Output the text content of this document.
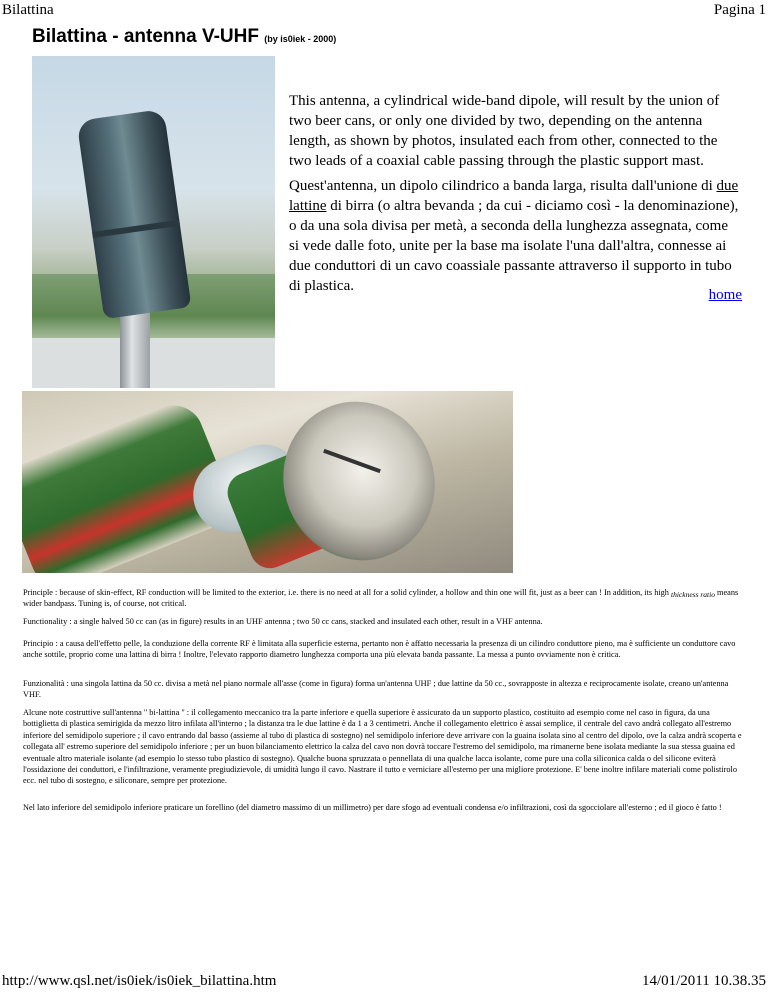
Bilattina	Pagina 1
Bilattina - antenna V-UHF (by is0iek - 2000)
This antenna, a cylindrical wide-band dipole, will result by the union of two beer cans, or only one divided by two, depending on the antenna length, as shown by photos, insulated each from other, connected to the two leads of a coaxial cable passing through the plastic support mast.
Quest'antenna, un dipolo cilindrico a banda larga, risulta dall'unione di due lattine di birra (o altra bevanda ; da cui - diciamo così - la denominazione), o da una sola divisa per metà, a seconda della lunghezza assegnata, come si vede dalle foto, unite per la base ma isolate l'una dall'altra, connesse ai due conduttori di un cavo coassiale passante attraverso il supporto in tubo di plastica.
home

Principle : because of skin-effect, RF conduction will be limited to the exterior, i.e. there is no need at all for a solid cylinder, a hollow and thin one will fit, just as a beer can ! In addition, its high thickness ratio means wider bandpass. Tuning is, of course, not critical.

Functionality : a single halved 50 cc can (as in figure) results in an UHF antenna ; two 50 cc cans, stacked and insulated each other, result in a VHF antenna.

Principio : a causa dell'effetto pelle, la conduzione della corrente RF è limitata alla superficie esterna, pertanto non è affatto necessaria la presenza di un cilindro conduttore pieno, ma è sufficiente un conduttore cavo anche sottile, proprio come una lattina di birra ! Inoltre, l'elevato rapporto diametro lunghezza comporta una più elevata banda passante. La messa a punto ovviamente non è critica.

Funzionalità : una singola lattina da 50 cc. divisa a metà nel piano normale all'asse (come in figura) forma un'antenna UHF ; due lattine da 50 cc., sovrapposte in altezza e reciprocamente isolate, creano un'antenna VHF.

Alcune note costruttive sull'antenna " bi-lattina " : il collegamento meccanico tra la parte inferiore e quella superiore è assicurato da un supporto plastico, costituito ad esempio come nel caso in figura, da una bottiglietta di plastica semirigida da mezzo litro infilata all'interno ; la distanza tra le due lattine è da 1 a 3 centimetri. Anche il collegamento elettrico è assai semplice, il centrale del cavo andrà collegato all'estremo inferiore del semidipolo superiore ; il cavo entrando dal basso (assieme al tubo di plastica di sostegno) nel semidipolo inferiore deve arrivare con la guaina isolata sino al centro del dipolo, ove la calza andrà scoperta e collegata all' estremo superiore del semidipolo inferiore ; per un buon bilanciamento elettrico la calza del cavo non dovrà toccare l'estremo del semidipolo, ma rimanerne bene isolata mediante la sua stessa guaina ed eventuale altro materiale isolante (ad esempio lo stesso tubo plastico di sostegno). Qualche buona spruzzata o pennellata di una qualche lacca isolante, come pure una colla siliconica calda o del silicone eviterà l'ossidazione dei conduttori, e l'infiltrazione, veramente pregiudizievole, di umidità lungo il cavo. Nastrare il tutto e verniciare all'esterno per una migliore protezione. E' bene inoltre infilare materiali come polistirolo ecc. nel tubo di sostegno, e siliconare, sempre per protezione.

Nel lato inferiore del semidipolo inferiore praticare un forellino (del diametro massimo di un millimetro) per dare sfogo ad eventuali condensa e/o infiltrazioni, così da sgocciolare all'esterno ; ed il gioco è fatto !

http://www.qsl.net/is0iek/is0iek_bilattina.htm	14/01/2011 10.38.35
